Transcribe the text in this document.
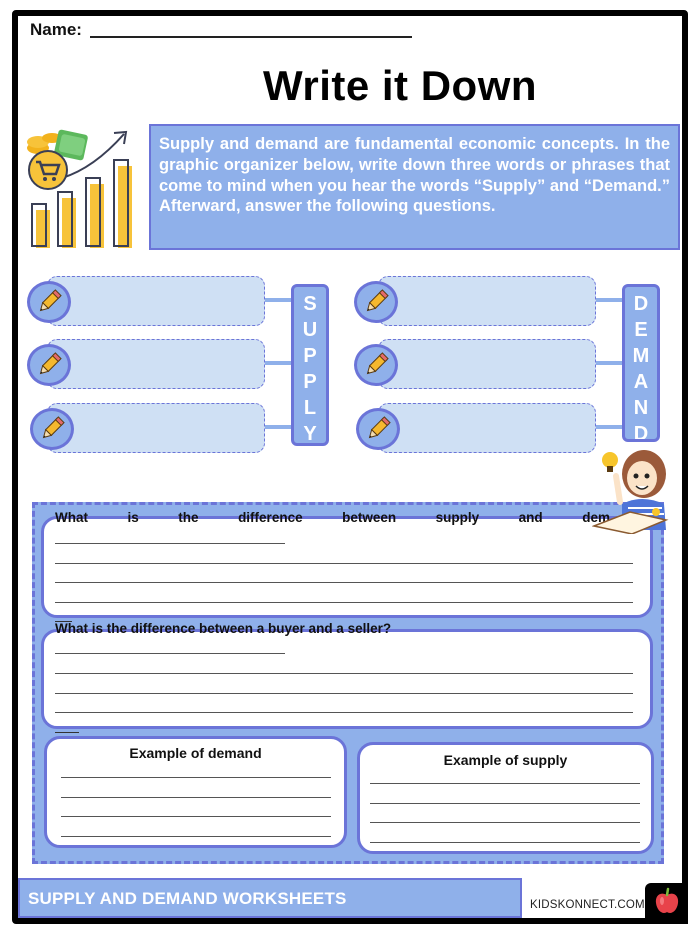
Name:
Write it Down
Supply and demand are fundamental economic concepts. In the graphic organizer below, write down three words or phrases that come to mind when you hear the words “Supply” and “Demand.” Afterward, answer the following questions.
S
U
P
P
L
Y
D
E
M
A
N
D
What	is	the	difference	between	supply	and	dem
What is the difference between a buyer and a seller?
Example of demand	Example of supply
SUPPLY AND DEMAND WORKSHEETS	KIDSKONNECT.COM
